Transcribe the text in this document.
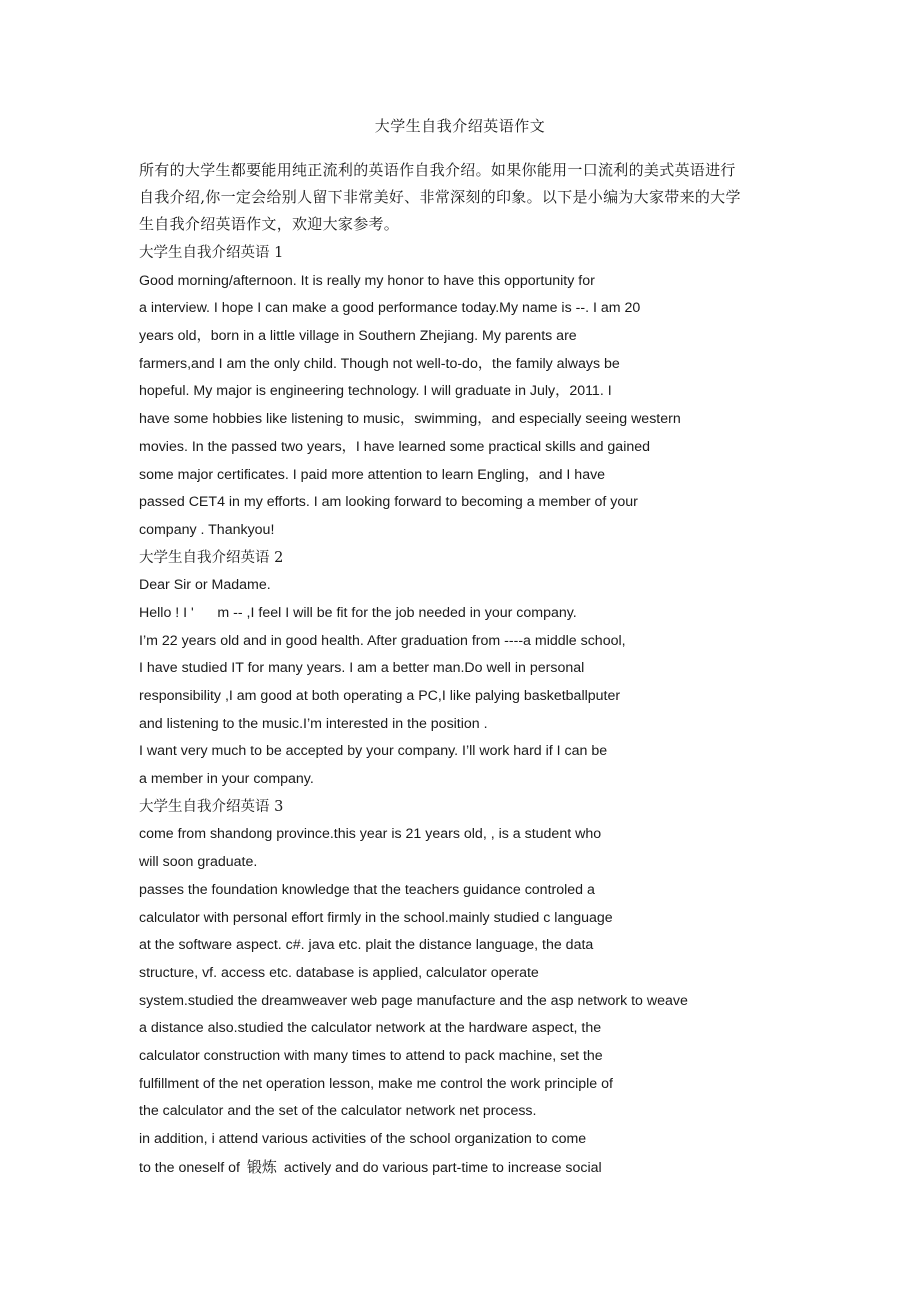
大学生自我介绍英语作文
所有的大学生都要能用纯正流利的英语作自我介绍。如果你能用一口流利的美式英语进行
自我介绍,你一定会给别人留下非常美好、非常深刻的印象。以下是小编为大家带来的大学
生自我介绍英语作文，欢迎大家参考。
大学生自我介绍英语 1
Good morning/afternoon. It is really my honor to have this opportunity for
a interview. I hope I can make a good performance today.My name is --. I am 20
years old，born in a little village in Southern Zhejiang. My parents are
farmers,and I am the only child. Though not well-to-do，the family always be
hopeful. My major is engineering technology. I will graduate in July，2011. I
have some hobbies like listening to music，swimming，and especially seeing western
movies. In the passed two years，I have learned some practical skills and gained
some major certificates. I paid more attention to learn Engling，and I have
passed CET4 in my efforts. I am looking forward to becoming a member of your
company . Thankyou!
大学生自我介绍英语 2
Dear Sir or Madame.
Hello ! I '      m -- ,I feel I will be fit for the job needed in your company.
I’m 22 years old and in good health. After graduation from ----a middle school,
I have studied IT for many years. I am a better man.Do well in personal
responsibility ,I am good at both operating a PC,I like palying basketballputer
and listening to the music.I’m interested in the position .
I want very much to be accepted by your company. I’ll work hard if I can be
a member in your company.
大学生自我介绍英语 3
come from shandong province.this year is 21 years old, , is a student who
will soon graduate.
passes the foundation knowledge that the teachers guidance controled a
calculator with personal effort firmly in the school.mainly studied c language
at the software aspect. c#. java etc. plait the distance language, the data
structure, vf. access etc. database is applied, calculator operate
system.studied the dreamweaver web page manufacture and the asp network to weave
a distance also.studied the calculator network at the hardware aspect, the
calculator construction with many times to attend to pack machine, set the
fulfillment of the net operation lesson, make me control the work principle of
the calculator and the set of the calculator network net process.
in addition, i attend various activities of the school organization to come
to the oneself of 锻炼 actively and do various part-time to increase social
